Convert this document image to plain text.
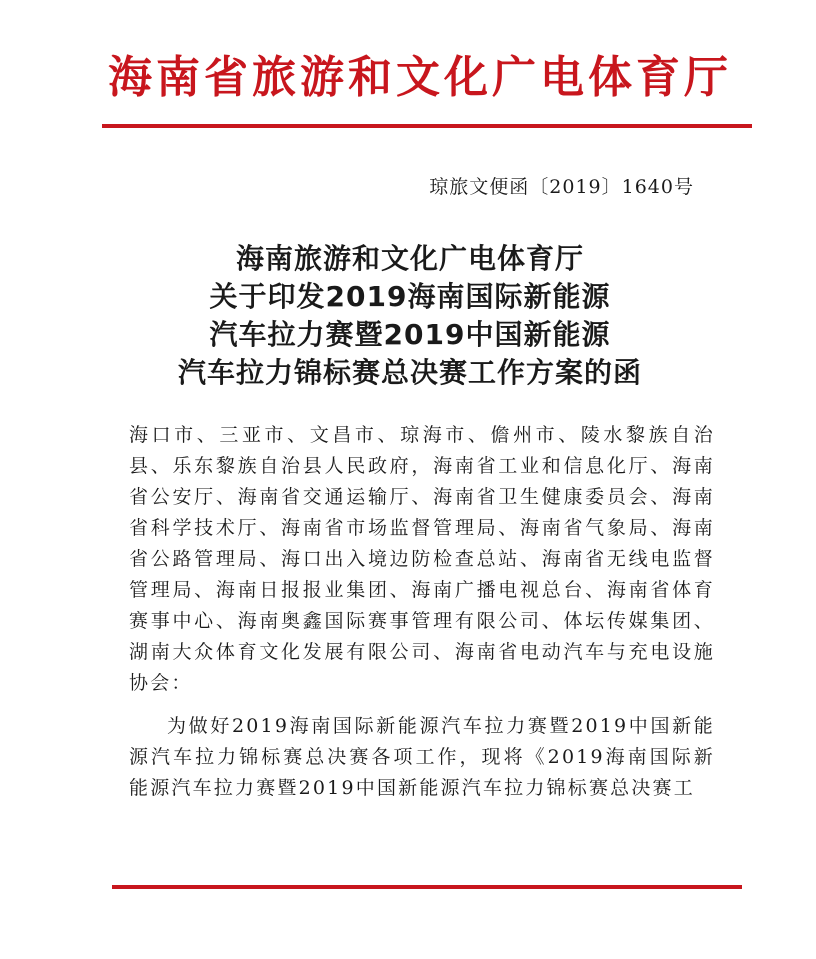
海南省旅游和文化广电体育厅
琼旅文便函〔2019〕1640号
海南旅游和文化广电体育厅
关于印发2019海南国际新能源
汽车拉力赛暨2019中国新能源
汽车拉力锦标赛总决赛工作方案的函

海口市、三亚市、文昌市、琼海市、儋州市、陵水黎族自治县、乐东黎族自治县人民政府，海南省工业和信息化厅、海南省公安厅、海南省交通运输厅、海南省卫生健康委员会、海南省科学技术厅、海南省市场监督管理局、海南省气象局、海南省公路管理局、海口出入境边防检查总站、海南省无线电监督管理局、海南日报报业集团、海南广播电视总台、海南省体育赛事中心、海南奥鑫国际赛事管理有限公司、体坛传媒集团、湖南大众体育文化发展有限公司、海南省电动汽车与充电设施协会：

为做好2019海南国际新能源汽车拉力赛暨2019中国新能源汽车拉力锦标赛总决赛各项工作，现将《2019海南国际新能源汽车拉力赛暨2019中国新能源汽车拉力锦标赛总决赛工
